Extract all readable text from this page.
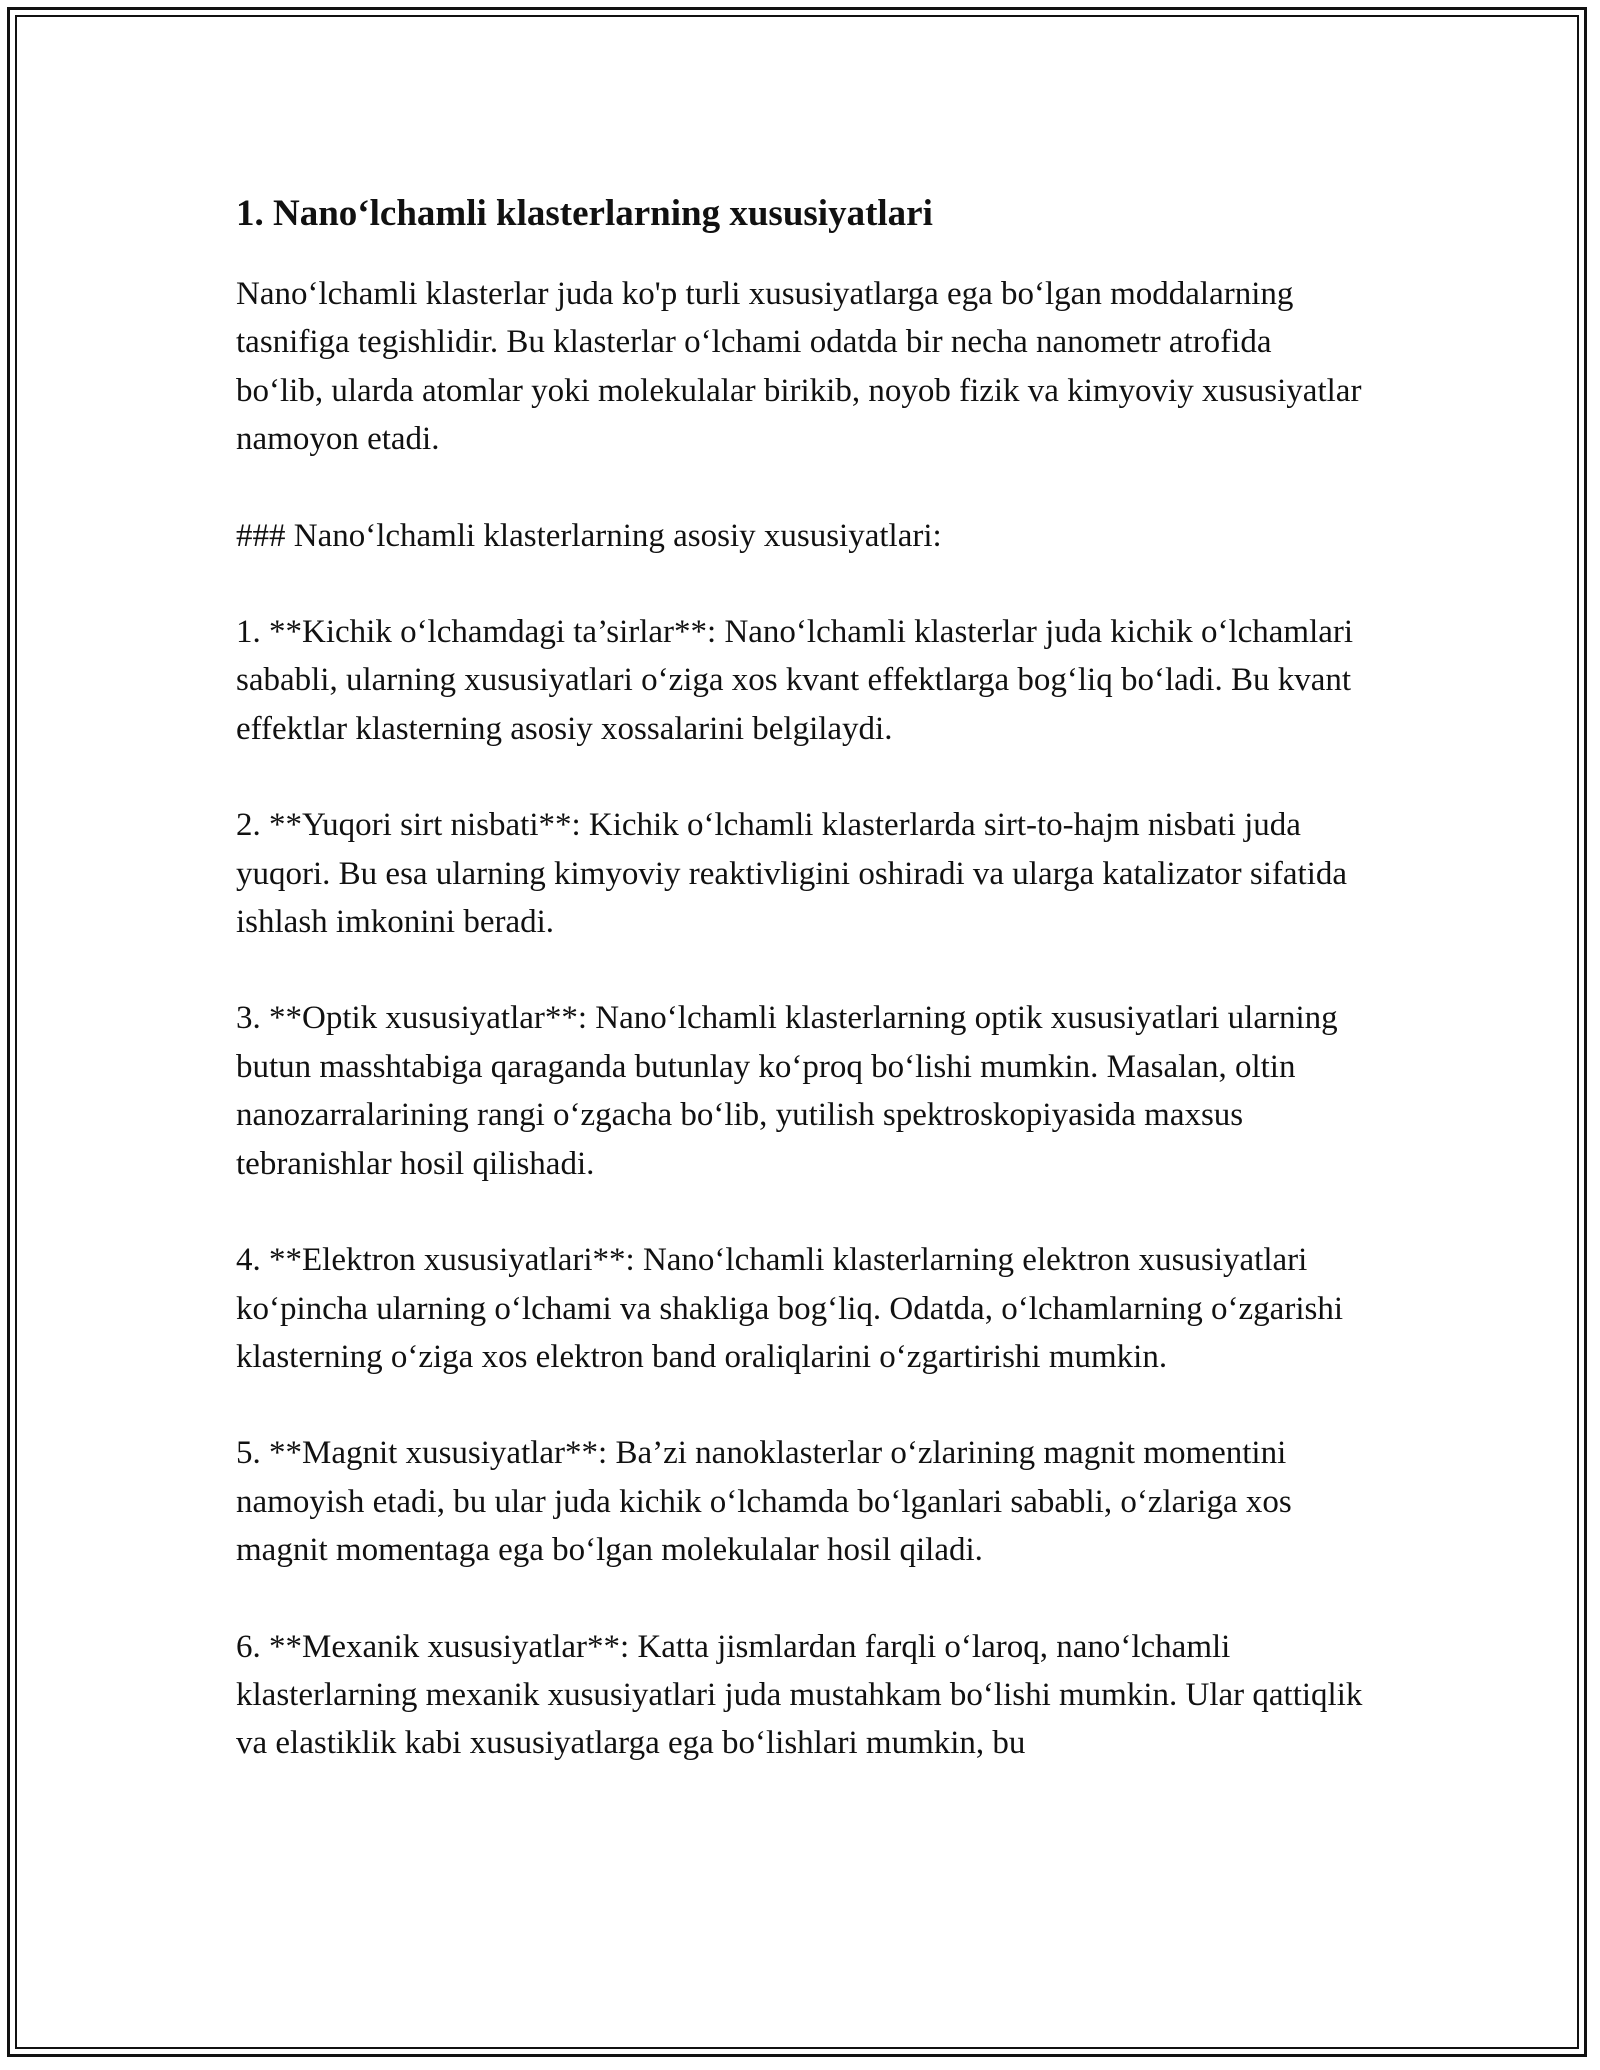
1. Nano‘lchamli klasterlarning xususiyatlari

Nano‘lchamli klasterlar juda ko'p turli xususiyatlarga ega bo‘lgan moddalarning tasnifiga tegishlidir. Bu klasterlar o‘lchami odatda bir necha nanometr atrofida bo‘lib, ularda atomlar yoki molekulalar birikib, noyob fizik va kimyoviy xususiyatlar namoyon etadi.

### Nano‘lchamli klasterlarning asosiy xususiyatlari:

1. **Kichik o‘lchamdagi ta’sirlar**: Nano‘lchamli klasterlar juda kichik o‘lchamlari sababli, ularning xususiyatlari o‘ziga xos kvant effektlarga bog‘liq bo‘ladi. Bu kvant effektlar klasterning asosiy xossalarini belgilaydi.

2. **Yuqori sirt nisbati**: Kichik o‘lchamli klasterlarda sirt-to-hajm nisbati juda yuqori. Bu esa ularning kimyoviy reaktivligini oshiradi va ularga katalizator sifatida ishlash imkonini beradi.

3. **Optik xususiyatlar**: Nano‘lchamli klasterlarning optik xususiyatlari ularning butun masshtabiga qaraganda butunlay ko‘proq bo‘lishi mumkin. Masalan, oltin nanozarralarining rangi o‘zgacha bo‘lib, yutilish spektroskopiyasida maxsus tebranishlar hosil qilishadi.

4. **Elektron xususiyatlari**: Nano‘lchamli klasterlarning elektron xususiyatlari ko‘pincha ularning o‘lchami va shakliga bog‘liq. Odatda, o‘lchamlarning o‘zgarishi klasterning o‘ziga xos elektron band oraliqlarini o‘zgartirishi mumkin.

5. **Magnit xususiyatlar**: Ba’zi nanoklasterlar o‘zlarining magnit momentini namoyish etadi, bu ular juda kichik o‘lchamda bo‘lganlari sababli, o‘zlariga xos magnit momentaga ega bo‘lgan molekulalar hosil qiladi.

6. **Mexanik xususiyatlar**: Katta jismlardan farqli o‘laroq, nano‘lchamli klasterlarning mexanik xususiyatlari juda mustahkam bo‘lishi mumkin. Ular qattiqlik va elastiklik kabi xususiyatlarga ega bo‘lishlari mumkin, bu
